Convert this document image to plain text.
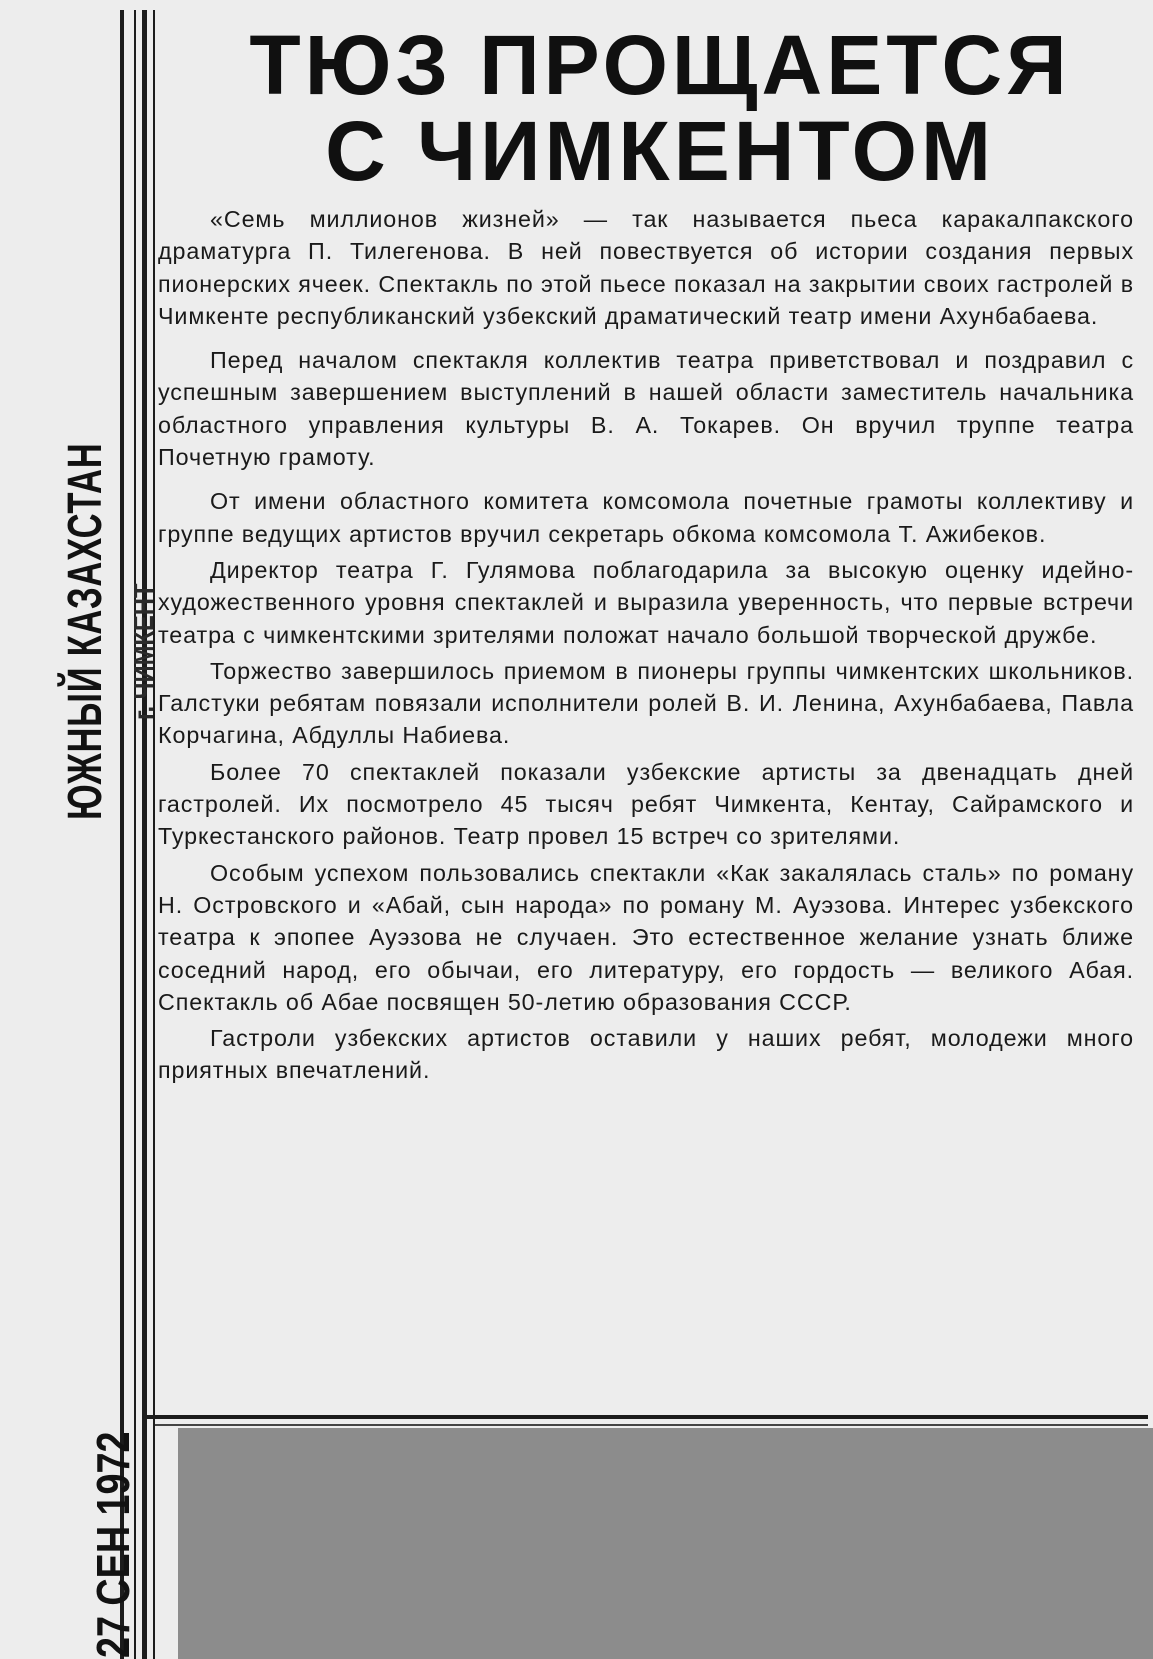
ЮЖНЫЙ КАЗАХСТАН г. ЧИМКЕНТ
27 СЕН 1972
ТЮЗ ПРОЩАЕТСЯ
С ЧИМКЕНТОМ

«Семь миллионов жизней» — так называется пьеса каракалпакского драматурга П. Тилегенова. В ней повествуется об истории создания первых пионерских ячеек. Спектакль по этой пьесе показал на закрытии своих гастролей в Чимкенте республиканский узбекский драматический театр имени Ахунбабаева.

Перед началом спектакля коллектив театра приветствовал и поздравил с успешным завершением выступлений в нашей области заместитель начальника областного управления культуры В. А. Токарев. Он вручил труппе театра Почетную грамоту.

От имени областного комитета комсомола почетные грамоты коллективу и группе ведущих артистов вручил секретарь обкома комсомола Т. Ажибеков.

Директор театра Г. Гулямова поблагодарила за высокую оценку идейно-художественного уровня спектаклей и выразила уверенность, что первые встречи театра с чимкентскими зрителями положат начало большой творческой дружбе.

Торжество завершилось приемом в пионеры группы чимкентских школьников. Галстуки ребятам повязали исполнители ролей В. И. Ленина, Ахунбабаева, Павла Корчагина, Абдуллы Набиева.

Более 70 спектаклей показали узбекские артисты за двенадцать дней гастролей. Их посмотрело 45 тысяч ребят Чимкента, Кентау, Сайрамского и Туркестанского районов. Театр провел 15 встреч со зрителями.

Особым успехом пользовались спектакли «Как закалялась сталь» по роману Н. Островского и «Абай, сын народа» по роману М. Ауэзова. Интерес узбекского театра к эпопее Ауэзова не случаен. Это естественное желание узнать ближе соседний народ, его обычаи, его литературу, его гордость — великого Абая. Спектакль об Абае посвящен 50-летию образования СССР.

Гастроли узбекских артистов оставили у наших ребят, молодежи много приятных впечатлений.
